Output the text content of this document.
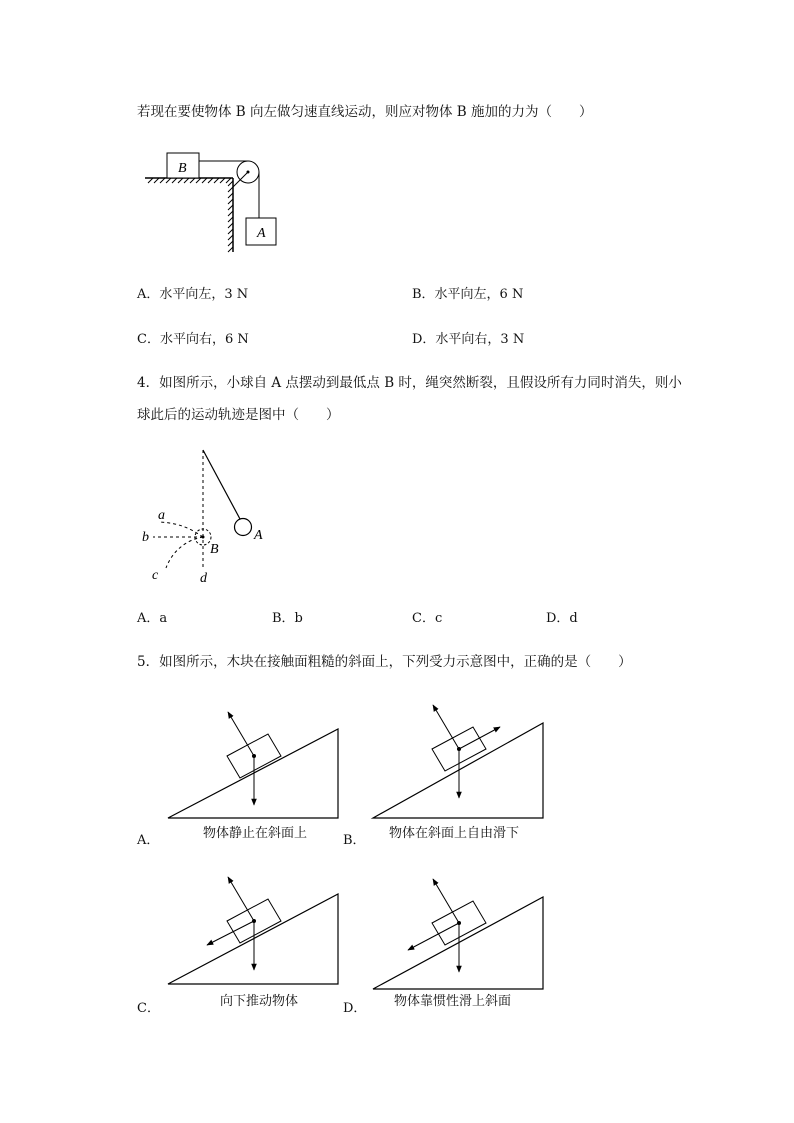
若现在要使物体 B 向左做匀速直线运动，则应对物体 B 施加的力为（　　）
B
A
A．水平向左，3 N	B．水平向左，6 N
C．水平向右，6 N	D．水平向右，3 N
4．如图所示，小球自 A 点摆动到最低点 B 时，绳突然断裂，且假设所有力同时消失，则小
球此后的运动轨迹是图中（　　）
a
b
c	d
B
A
A．a	B．b	C．c	D．d
5．如图所示，木块在接触面粗糙的斜面上，下列受力示意图中，正确的是（　　）
A．	物体静止在斜面上	B． 物体在斜面上自由滑下
C．	向下推动物体	D． 物体靠惯性滑上斜面
